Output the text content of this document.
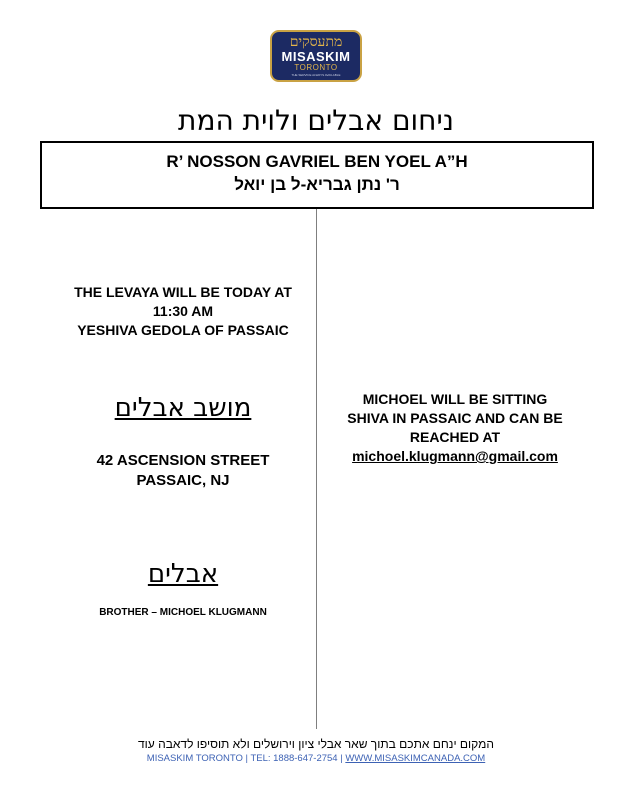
מתעסקים
MISASKIM
TORONTO
THE SERVICE ALWAYS AVAILABLE
ניחום אבלים ולוית המת
R’ NOSSON GAVRIEL BEN YOEL A”H
ר' נתן גבריא-ל בן יואל
THE LEVAYA WILL BE TODAY AT
11:30 AM
YESHIVA GEDOLA OF PASSAIC
מושב אבלים
42 ASCENSION STREET
PASSAIC, NJ
אבלים
BROTHER – MICHOEL KLUGMANN
MICHOEL WILL BE SITTING
SHIVA IN PASSAIC AND CAN BE
REACHED AT
michoel.klugmann@gmail.com
המקום ינחם אתכם בתוך שאר אבלי ציון וירושלים ולא תוסיפו לדאבה עוד
MISASKIM TORONTO | TEL: 1888-647-2754 | WWW.MISASKIMCANADA.COM
